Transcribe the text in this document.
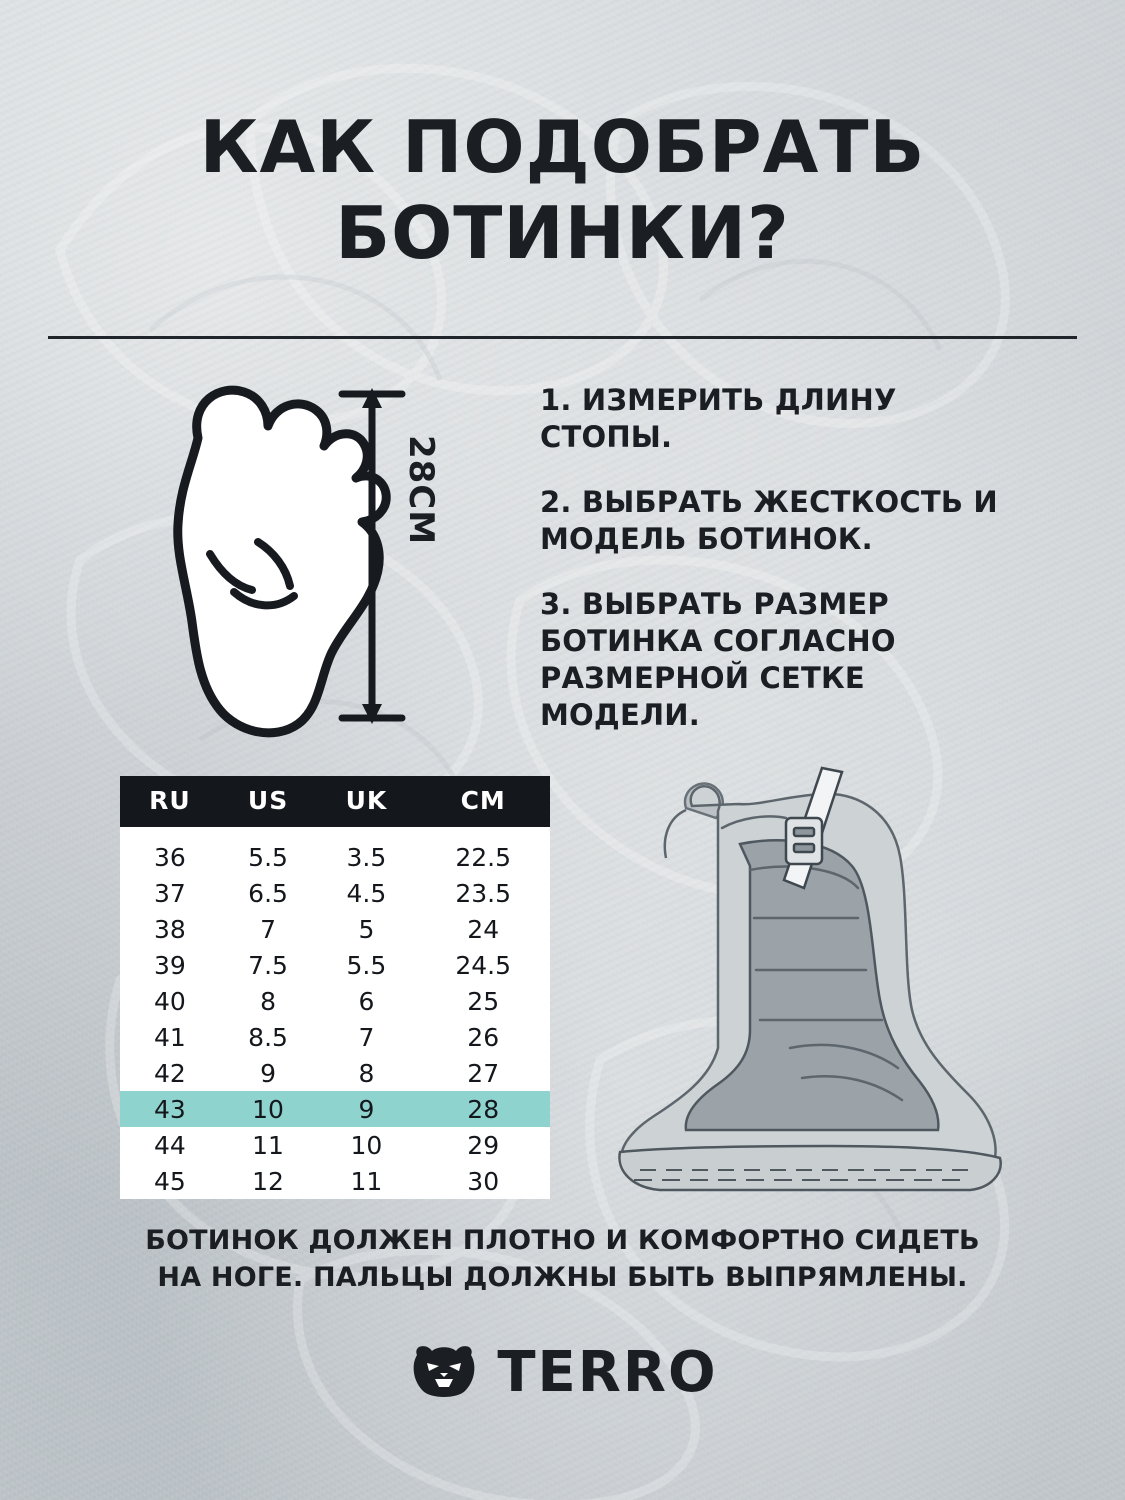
КАК ПОДОБРАТЬ
БОТИНКИ?
28CM
1. ИЗМЕРИТЬ ДЛИНУ СТОПЫ.
2. ВЫБРАТЬ ЖЕСТКОСТЬ И МОДЕЛЬ БОТИНОК.
3. ВЫБРАТЬ РАЗМЕР БОТИНКА СОГЛАСНО РАЗМЕРНОЙ СЕТКЕ МОДЕЛИ.
RU	US	UK	CM
36	5.5	3.5	22.5
37	6.5	4.5	23.5
38	7	5	24
39	7.5	5.5	24.5
40	8	6	25
41	8.5	7	26
42	9	8	27
43	10	9	28
44	11	10	29
45	12	11	30
БОТИНОК ДОЛЖЕН ПЛОТНО И КОМФОРТНО СИДЕТЬ
НА НОГЕ. ПАЛЬЦЫ ДОЛЖНЫ БЫТЬ ВЫПРЯМЛЕНЫ.
TERRO
